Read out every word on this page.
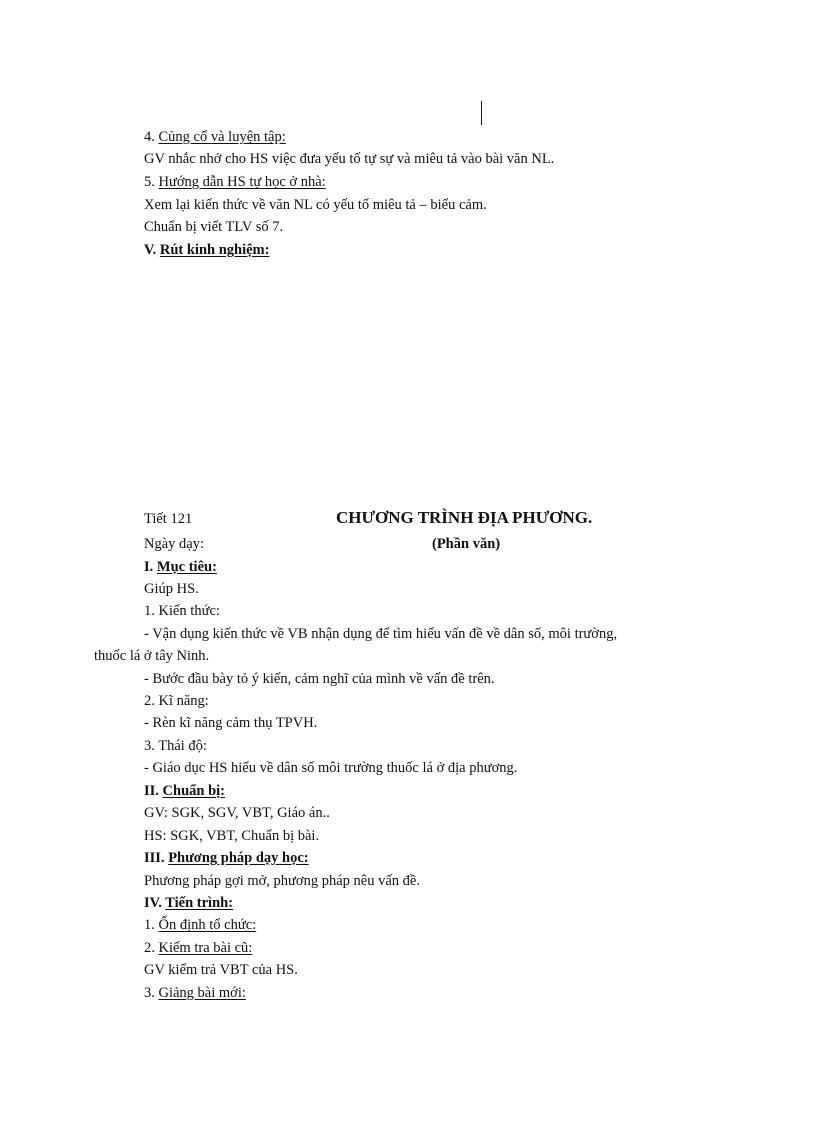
4. Củng cố và luyện tập:
GV nhắc nhở cho HS việc đưa yếu tố tự sự và miêu tả vào bài văn NL.
5. Hướng dẫn HS tự học ở nhà:
Xem lại kiến thức về văn NL có yếu tố miêu tả – biểu cảm.
Chuẩn bị viết TLV số 7.
V. Rút kinh nghiệm:
Tiết 121	CHƯƠNG TRÌNH ĐỊA PHƯƠNG.
Ngày dạy:	(Phần văn)
I. Mục tiêu:
Giúp HS.
1. Kiến thức:
- Vận dụng kiến thức về VB nhận dụng để tìm hiểu vấn đề về dân số, môi trường,
thuốc lá ở tây Ninh.
- Bước đầu bày tỏ ý kiến, cảm nghĩ của mình về vấn đề trên.
2. Kĩ năng:
- Rèn kĩ năng cảm thụ TPVH.
3. Thái độ:
- Giáo dục HS hiểu về dân số môi trường thuốc lá ở địa phương.
II. Chuẩn bị:
GV: SGK, SGV, VBT, Giáo án..
HS: SGK, VBT, Chuẩn bị bài.
III. Phương pháp dạy học:
Phương pháp gợi mở, phương pháp nêu vấn đề.
IV. Tiến trình:
1. Ổn định tổ chức:
2. Kiểm tra bài cũ:
GV kiểm trả VBT của HS.
3. Giảng bài mới:
